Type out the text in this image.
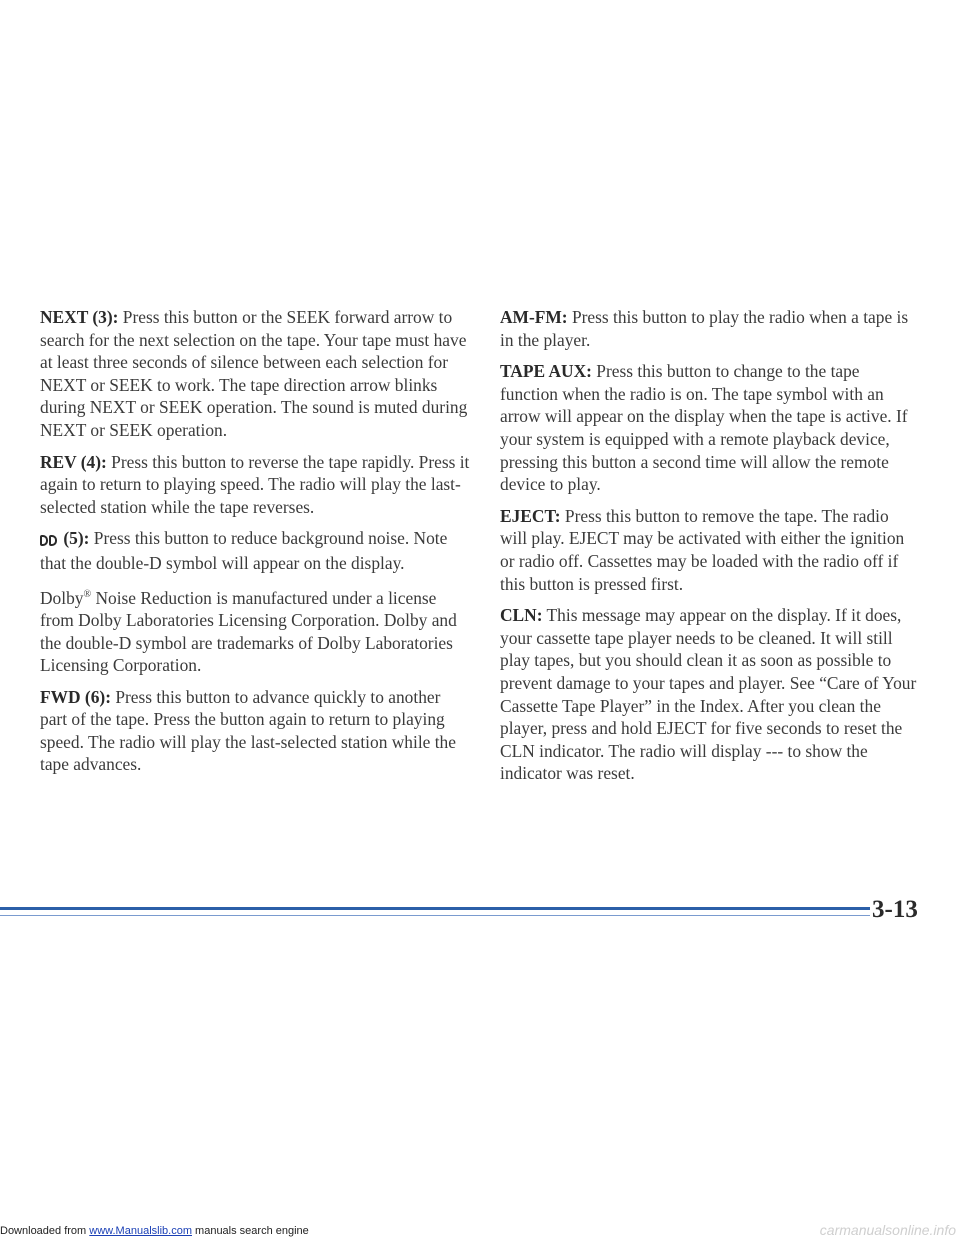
NEXT (3): Press this button or the SEEK forward arrow to search for the next selection on the tape. Your tape must have at least three seconds of silence between each selection for NEXT or SEEK to work. The tape direction arrow blinks during NEXT or SEEK operation. The sound is muted during NEXT or SEEK operation.

REV (4): Press this button to reverse the tape rapidly. Press it again to return to playing speed. The radio will play the last-selected station while the tape reverses.

(5): Press this button to reduce background noise. Note that the double-D symbol will appear on the display.

Dolby® Noise Reduction is manufactured under a license from Dolby Laboratories Licensing Corporation. Dolby and the double-D symbol are trademarks of Dolby Laboratories Licensing Corporation.

FWD (6): Press this button to advance quickly to another part of the tape. Press the button again to return to playing speed. The radio will play the last-selected station while the tape advances.

AM-FM: Press this button to play the radio when a tape is in the player.

TAPE AUX: Press this button to change to the tape function when the radio is on. The tape symbol with an arrow will appear on the display when the tape is active. If your system is equipped with a remote playback device, pressing this button a second time will allow the remote device to play.

EJECT: Press this button to remove the tape. The radio will play. EJECT may be activated with either the ignition or radio off. Cassettes may be loaded with the radio off if this button is pressed first.

CLN: This message may appear on the display. If it does, your cassette tape player needs to be cleaned. It will still play tapes, but you should clean it as soon as possible to prevent damage to your tapes and player. See “Care of Your Cassette Tape Player” in the Index. After you clean the player, press and hold EJECT for five seconds to reset the CLN indicator. The radio will display --- to show the indicator was reset.

3-13
Downloaded from www.Manualslib.com manuals search engine	carmanualsonline.info
